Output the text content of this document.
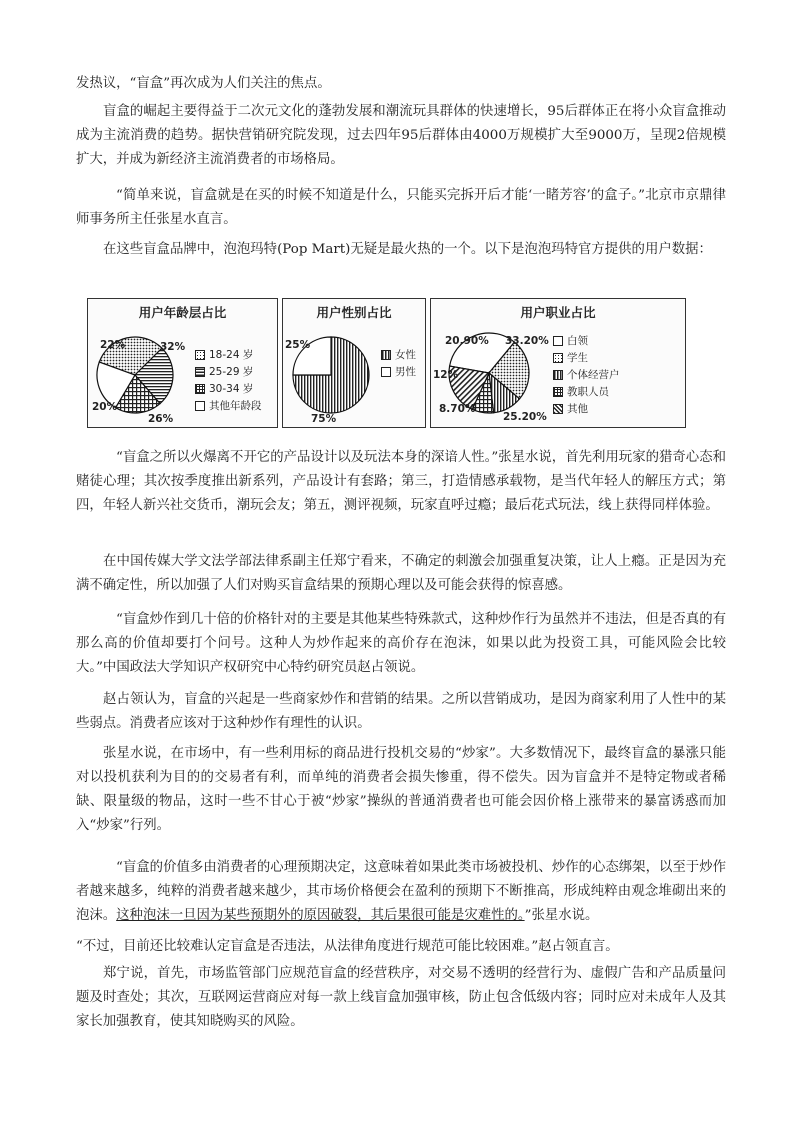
发热议，“盲盒”再次成为人们关注的焦点。

盲盒的崛起主要得益于二次元文化的蓬勃发展和潮流玩具群体的快速增长，95后群体正在将小众盲盒推动成为主流消费的趋势。据快营销研究院发现，过去四年95后群体由4000万规模扩大至9000万，呈现2倍规模扩大，并成为新经济主流消费者的市场格局。

“简单来说，盲盒就是在买的时候不知道是什么，只能买完拆开后才能‘一睹芳容’的盒子。”北京市京鼎律师事务所主任张星水直言。

在这些盲盒品牌中，泡泡玛特(Pop Mart)无疑是最火热的一个。以下是泡泡玛特官方提供的用户数据：

用户年龄层占比
32%
18-24 岁
26%
25-29 岁
20%
30-34 岁
22%
其他年龄段
用户性别占比
75%
女性
25%
男性
用户职业占比
33.20% 白领
25.20%
学生
12%	个体经营户
8.70%
教职人员
20.90%
其他

“盲盒之所以火爆离不开它的产品设计以及玩法本身的深谙人性。”张星水说，首先利用玩家的猎奇心态和赌徒心理；其次按季度推出新系列，产品设计有套路；第三，打造情感承载物，是当代年轻人的解压方式；第四，年轻人新兴社交货币，潮玩会友；第五，测评视频，玩家直呼过瘾；最后花式玩法，线上获得同样体验。

在中国传媒大学文法学部法律系副主任郑宁看来，不确定的刺激会加强重复决策，让人上瘾。正是因为充满不确定性，所以加强了人们对购买盲盒结果的预期心理以及可能会获得的惊喜感。

“盲盒炒作到几十倍的价格针对的主要是其他某些特殊款式，这种炒作行为虽然并不违法，但是否真的有那么高的价值却要打个问号。这种人为炒作起来的高价存在泡沫，如果以此为投资工具，可能风险会比较大。”中国政法大学知识产权研究中心特约研究员赵占领说。

赵占领认为，盲盒的兴起是一些商家炒作和营销的结果。之所以营销成功，是因为商家利用了人性中的某些弱点。消费者应该对于这种炒作有理性的认识。

张星水说，在市场中，有一些利用标的商品进行投机交易的“炒家”。大多数情况下，最终盲盒的暴涨只能对以投机获利为目的的交易者有利，而单纯的消费者会损失惨重，得不偿失。因为盲盒并不是特定物或者稀缺、限量级的物品，这时一些不甘心于被“炒家”操纵的普通消费者也可能会因价格上涨带来的暴富诱惑而加入“炒家”行列。

“盲盒的价值多由消费者的心理预期决定，这意味着如果此类市场被投机、炒作的心态绑架，以至于炒作者越来越多，纯粹的消费者越来越少，其市场价格便会在盈利的预期下不断推高，形成纯粹由观念堆砌出来的泡沫。这种泡沫一旦因为某些预期外的原因破裂，其后果很可能是灾难性的。”张星水说。

“不过，目前还比较难认定盲盒是否违法，从法律角度进行规范可能比较困难。”赵占领直言。

郑宁说，首先，市场监管部门应规范盲盒的经营秩序，对交易不透明的经营行为、虚假广告和产品质量问题及时查处；其次，互联网运营商应对每一款上线盲盒加强审核，防止包含低级内容；同时应对未成年人及其家长加强教育，使其知晓购买的风险。
